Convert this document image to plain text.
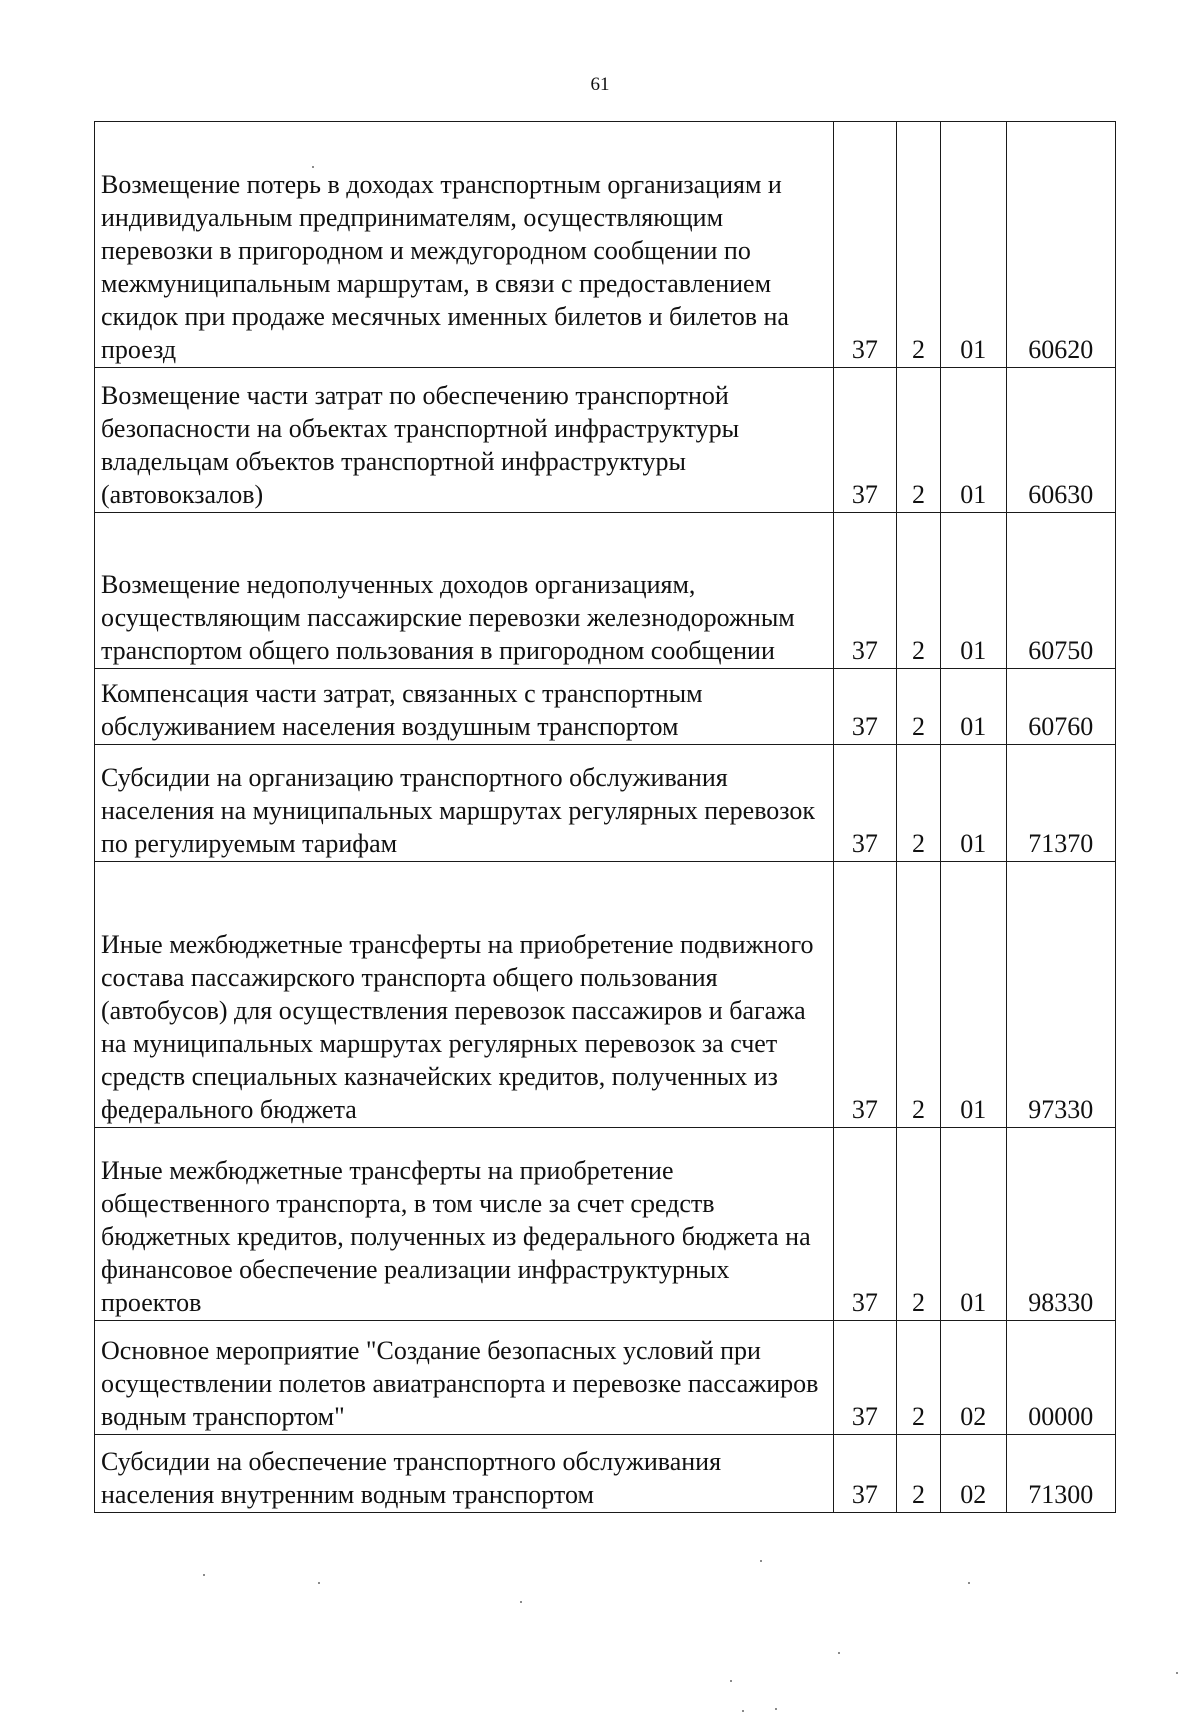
61
Возмещение потерь в доходах транспортным организациям и индивидуальным предпринимателям, осуществляющим перевозки в пригородном и междугородном сообщении по межмуниципальным маршрутам, в связи с предоставлением скидок при продаже месячных именных билетов и билетов на проезд	37	2	01	60620

Возмещение части затрат по обеспечению транспортной безопасности на объектах транспортной инфраструктуры владельцам объектов транспортной инфраструктуры (автовокзалов)	37	2	01	60630

Возмещение недополученных доходов организациям, осуществляющим пассажирские перевозки железнодорожным транспортом общего пользования в пригородном сообщении	37	2	01	60750

Компенсация части затрат, связанных с транспортным обслуживанием населения воздушным транспортом	37	2	01	60760

Субсидии на организацию транспортного обслуживания населения на муниципальных маршрутах регулярных перевозок по регулируемым тарифам	37	2	01	71370

Иные межбюджетные трансферты на приобретение подвижного состава пассажирского транспорта общего пользования (автобусов) для осуществления перевозок пассажиров и багажа на муниципальных маршрутах регулярных перевозок за счет средств специальных казначейских кредитов, полученных из федерального бюджета	37	2	01	97330

Иные межбюджетные трансферты на приобретение общественного транспорта, в том числе за счет средств бюджетных кредитов, полученных из федерального бюджета на финансовое обеспечение реализации инфраструктурных проектов	37	2	01	98330

Основное мероприятие "Создание безопасных условий при осуществлении полетов авиатранспорта и перевозке пассажиров водным транспортом"	37	2	02	00000

Субсидии на обеспечение транспортного обслуживания населения внутренним водным транспортом	37	2	02	71300
